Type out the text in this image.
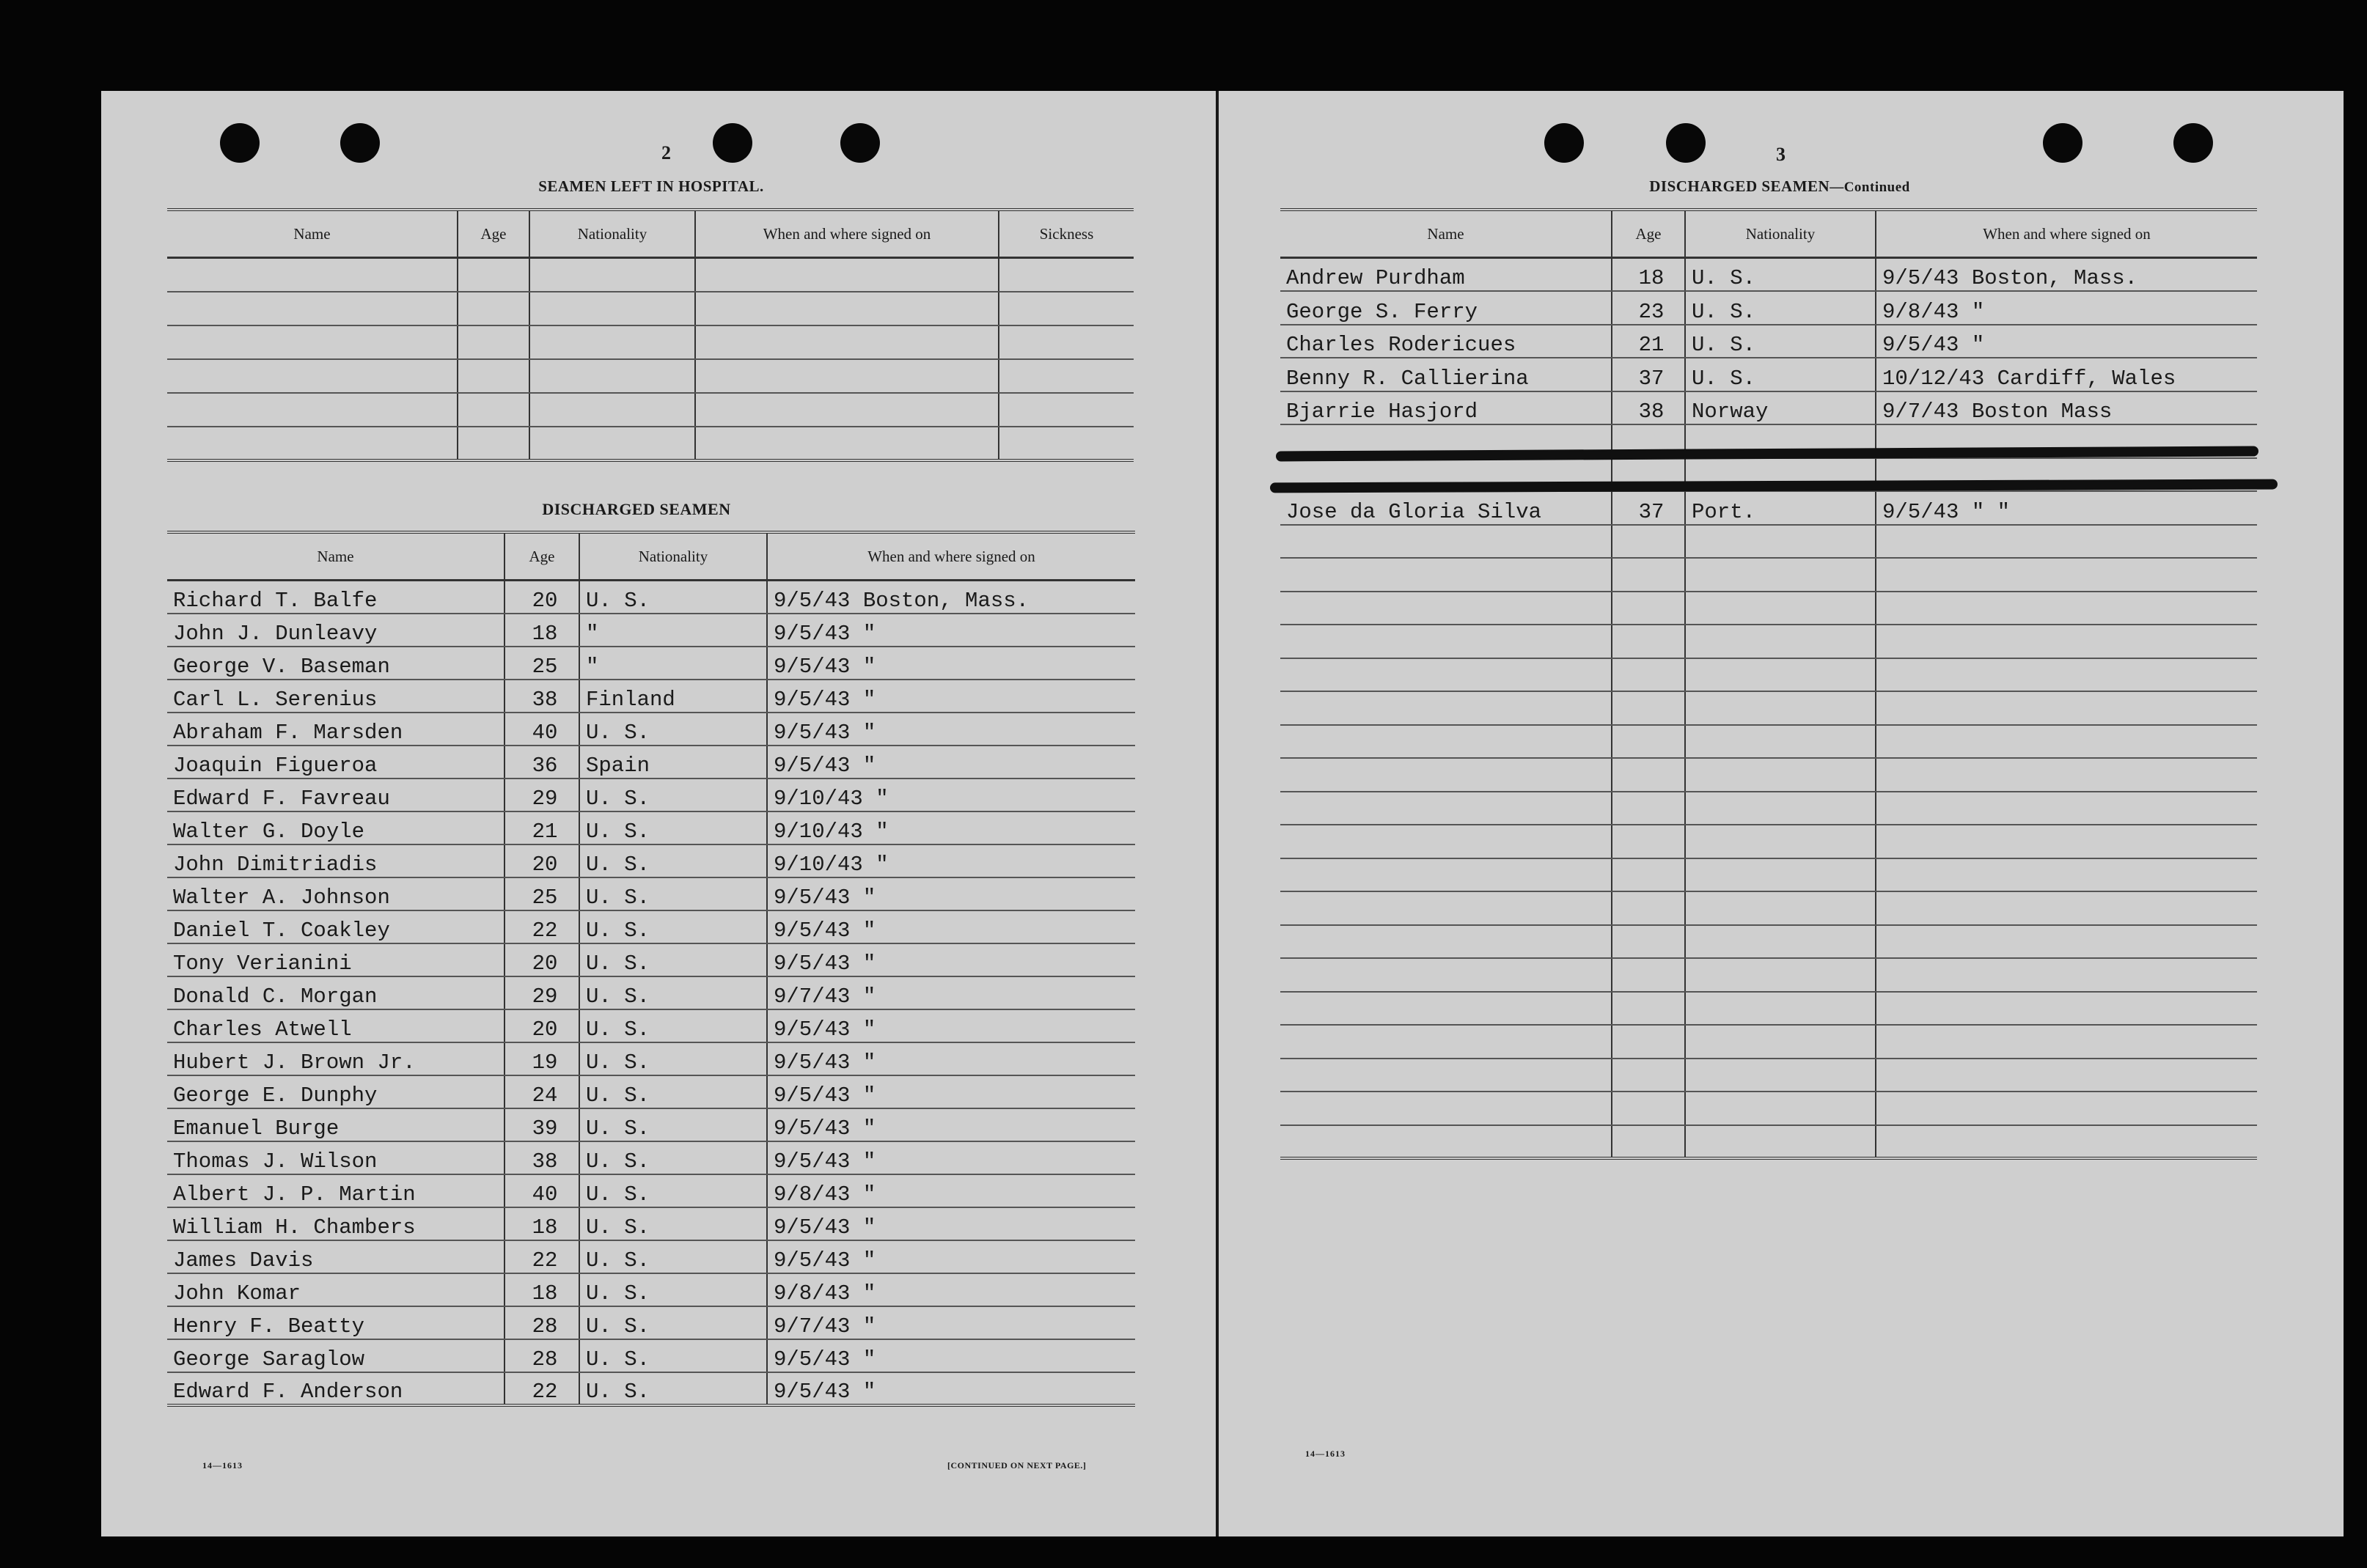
2
SEAMEN LEFT IN HOSPITAL.
Name	Age	Nationality	When and where signed on	Sickness

DISCHARGED SEAMEN
Name	Age	Nationality	When and where signed on
Richard T. Balfe	20	U. S.	9/5/43 Boston, Mass.
John J. Dunleavy	18	"	9/5/43 "
George V. Baseman	25	"	9/5/43 "
Carl L. Serenius	38	Finland	9/5/43 "
Abraham F. Marsden	40	U. S.	9/5/43 "
Joaquin Figueroa	36	Spain	9/5/43 "
Edward F. Favreau	29	U. S.	9/10/43 "
Walter G. Doyle	21	U. S.	9/10/43 "
John Dimitriadis	20	U. S.	9/10/43 "
Walter A. Johnson	25	U. S.	9/5/43 "
Daniel T. Coakley	22	U. S.	9/5/43 "
Tony Verianini	20	U. S.	9/5/43 "
Donald C. Morgan	29	U. S.	9/7/43 "
Charles Atwell	20	U. S.	9/5/43 "
Hubert J. Brown Jr.	19	U. S.	9/5/43 "
George E. Dunphy	24	U. S.	9/5/43 "
Emanuel Burge	39	U. S.	9/5/43 "
Thomas J. Wilson	38	U. S.	9/5/43 "
Albert J. P. Martin	40	U. S.	9/8/43 "
William H. Chambers	18	U. S.	9/5/43 "
James Davis	22	U. S.	9/5/43 "
John Komar	18	U. S.	9/8/43 "
Henry F. Beatty	28	U. S.	9/7/43 "
George Saraglow	28	U. S.	9/5/43 "
Edward F. Anderson	22	U. S.	9/5/43 "
14—1613	[CONTINUED ON NEXT PAGE.]
3
DISCHARGED SEAMEN—Continued
Name	Age	Nationality	When and where signed on
Andrew Purdham	18	U. S.	9/5/43 Boston, Mass.
George S. Ferry	23	U. S.	9/8/43 "
Charles Rodericues	21	U. S.	9/5/43 "
Benny R. Callierina	37	U. S.	10/12/43 Cardiff, Wales
Bjarrie Hasjord	38	Norway	9/7/43 Boston Mass

Jose da Gloria Silva	37	Port.	9/5/43 " "

14—1613
